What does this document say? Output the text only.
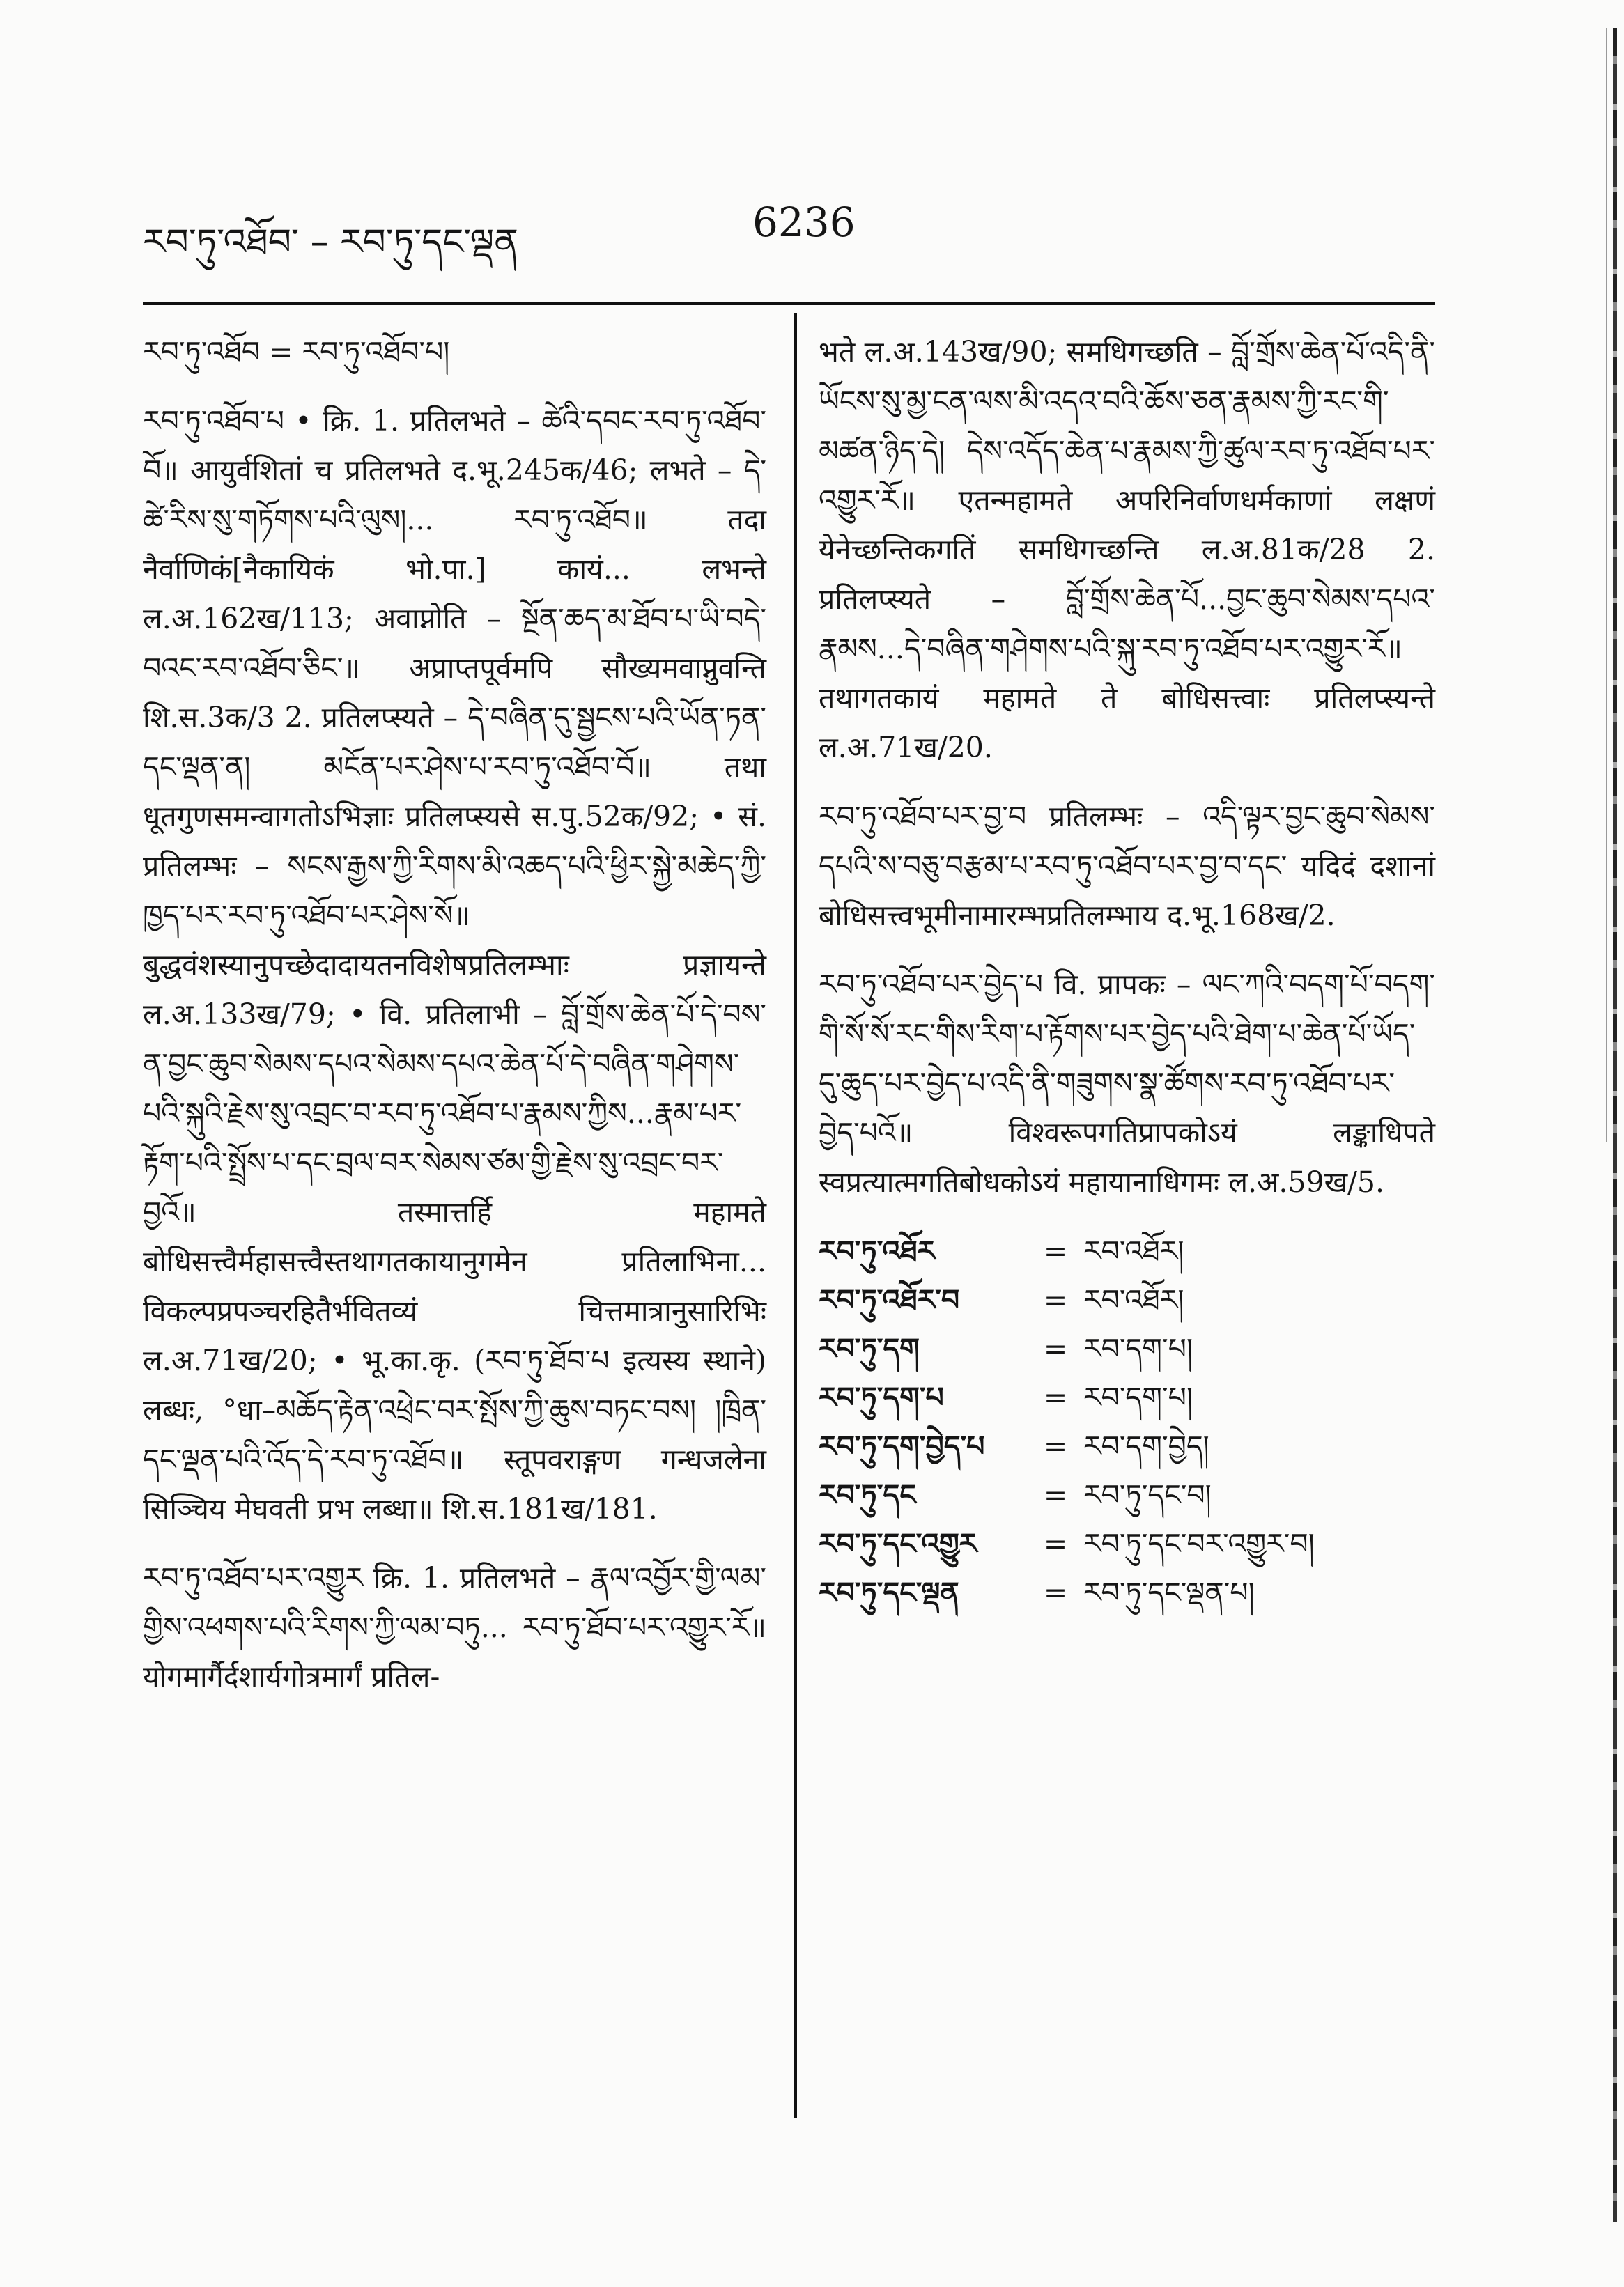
རབ་ཏུ་འཐོབ་ – རབ་ཏུ་དང་ལྡན	6236

རབ་ཏུ་འཐོབ = རབ་ཏུ་འཐོབ་པ།

རབ་ཏུ་འཐོབ་པ • क्रि. 1. प्रतिलभते – ཚེའི་དབང་རབ་ཏུ་འཐོབ་བོ॥ आयुर्वशितां च प्रतिलभते द.भू.245क/46; लभते – དེ་ཚེ་རིས་སུ་གཏོགས་པའི་ལུས།... རབ་ཏུ་འཐོབ॥ तदा नैर्वाणिकं[नैकायिकं भो.पा.] कायं... लभन्ते ल.अ.162ख/113; अवाप्नोति – སྔོན་ཆད་མ་ཐོབ་པ་ཡི་བདེ་བའང་རབ་འཐོབ་ཅིང་॥ अप्राप्तपूर्वमपि सौख्यमवाप्नुवन्ति शि.स.3क/3 2. प्रतिलप्स्यते – དེ་བཞིན་དུ་སྦྱངས་པའི་ཡོན་ཏན་དང་ལྡན་ན། མངོན་པར་ཤེས་པ་རབ་ཏུ་འཐོབ་བོ॥ तथा धूतगुणसमन्वागतोऽभिज्ञाः प्रतिलप्स्यसे स.पु.52क/92; • सं. प्रतिलम्भः – སངས་རྒྱས་ཀྱི་རིགས་མི་འཆད་པའི་ཕྱིར་སྐྱེ་མཆེད་ཀྱི་ཁྱད་པར་རབ་ཏུ་འཐོབ་པར་ཤེས་སོ॥ बुद्धवंशस्यानुपच्छेदादायतनविशेषप्रतिलम्भाः प्रज्ञायन्ते ल.अ.133ख/79; • वि. प्रतिलाभी – བློ་གྲོས་ཆེན་པོ་དེ་བས་ན་བྱང་ཆུབ་སེམས་དཔའ་སེམས་དཔའ་ཆེན་པོ་དེ་བཞིན་གཤེགས་པའི་སྐུའི་རྗེས་སུ་འབྲང་བ་རབ་ཏུ་འཐོབ་པ་རྣམས་ཀྱིས...རྣམ་པར་རྟོག་པའི་སྤྲོས་པ་དང་བྲལ་བར་སེམས་ཙམ་གྱི་རྗེས་སུ་འབྲང་བར་བྱའོ॥ तस्मात्तर्हि महामते बोधिसत्त्वैर्महासत्त्वैस्तथागतकायानुगमेन प्रतिलाभिना... विकल्पप्रपञ्चरहितैर्भवितव्यं चित्तमात्रानुसारिभिः ल.अ.71ख/20; • भू.का.कृ. (རབ་ཏུ་ཐོབ་པ इत्यस्य स्थाने) लब्धः, °धा–མཆོད་རྟེན་འཕྲེང་བར་སྤོས་ཀྱི་ཆུས་བཏང་བས། །ཁྲིན་དང་ལྡན་པའི་འོད་དེ་རབ་ཏུ་འཐོབ॥ स्तूपवराङ्गण गन्धजलेना सिञ्चिय मेघवती प्रभ लब्धा॥ शि.स.181ख/181.

རབ་ཏུ་འཐོབ་པར་འགྱུར क्रि. 1. प्रतिलभते – རྣལ་འབྱོར་གྱི་ལམ་གྱིས་འཕགས་པའི་རིགས་ཀྱི་ལམ་བཏུ... རབ་ཏུ་ཐོབ་པར་འགྱུར་རོ॥ योगमार्गैर्दशार्यगोत्रमार्गं प्रतिल-

भते ल.अ.143ख/90; समधिगच्छति – བློ་གྲོས་ཆེན་པོ་འདི་ནི་ཡོངས་སུ་མྱ་ངན་ལས་མི་འདའ་བའི་ཆོས་ཅན་རྣམས་ཀྱི་རང་གི་མཚན་ཉིད་དེ། དེས་འདོད་ཆེན་པ་རྣམས་ཀྱི་ཚུལ་རབ་ཏུ་འཐོབ་པར་འགྱུར་རོ॥ एतन्महामते अपरिनिर्वाणधर्मकाणां लक्षणं येनेच्छन्तिकगतिं समधिगच्छन्ति ल.अ.81क/28 2. प्रतिलप्स्यते – བློ་གྲོས་ཆེན་པོ...བྱང་ཆུབ་སེམས་དཔའ་རྣམས...དེ་བཞིན་གཤེགས་པའི་སྐུ་རབ་ཏུ་འཐོབ་པར་འགྱུར་རོ॥ तथागतकायं महामते ते बोधिसत्त्वाः प्रतिलप्स्यन्ते ल.अ.71ख/20.

རབ་ཏུ་འཐོབ་པར་བྱ་བ प्रतिलम्भः – འདི་ལྟར་བྱང་ཆུབ་སེམས་དཔའི་ས་བཅུ་བརྩམ་པ་རབ་ཏུ་འཐོབ་པར་བྱ་བ་དང་ यदिदं दशानां बोधिसत्त्वभूमीनामारम्भप्रतिलम्भाय द.भू.168ख/2.

རབ་ཏུ་འཐོབ་པར་བྱེད་པ वि. प्रापकः – ལང་ཀའི་བདག་པོ་བདག་གི་སོ་སོ་རང་གིས་རིག་པ་རྟོགས་པར་བྱེད་པའི་ཐེག་པ་ཆེན་པོ་ཡོད་དུ་ཆུད་པར་བྱེད་པ་འདི་ནི་གཟུགས་སྣ་ཚོགས་རབ་ཏུ་འཐོབ་པར་བྱེད་པའོ॥ विश्वरूपगतिप्रापकोऽयं लङ्काधिपते स्वप्रत्यात्मगतिबोधकोऽयं महायानाधिगमः ल.अ.59ख/5.

རབ་ཏུ་འཐོར	= རབ་འཐོར།
རབ་ཏུ་འཐོར་བ	= རབ་འཐོར།
རབ་ཏུ་དག	= རབ་དག་པ།
རབ་ཏུ་དག་པ	= རབ་དག་པ།
རབ་ཏུ་དག་བྱེད་པ	= རབ་དག་བྱེད།
རབ་ཏུ་དང	= རབ་ཏུ་དང་བ།
རབ་ཏུ་དང་འགྱུར	= རབ་ཏུ་དང་བར་འགྱུར་བ།
རབ་ཏུ་དང་ལྡན	= རབ་ཏུ་དང་ལྡན་པ།
